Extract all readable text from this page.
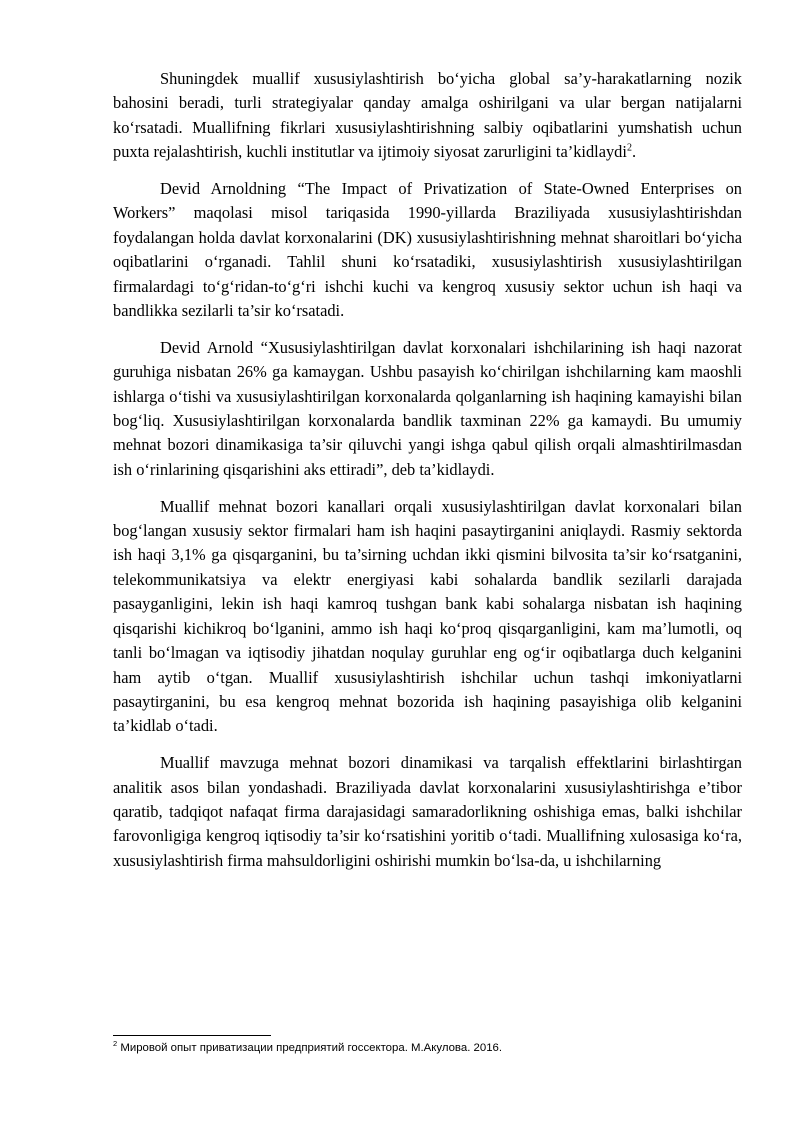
Shuningdek muallif xususiylashtirish bo‘yicha global sa’y-harakatlarning nozik bahosini beradi, turli strategiyalar qanday amalga oshirilgani va ular bergan natijalarni ko‘rsatadi. Muallifning fikrlari xususiylashtirishning salbiy oqibatlarini yumshatish uchun puxta rejalashtirish, kuchli institutlar va ijtimoiy siyosat zarurligini ta’kidlaydi$^2$.

Devid Arnoldning “The Impact of Privatization of State-Owned Enterprises on Workers” maqolasi misol tariqasida 1990-yillarda Braziliyada xususiylashtirishdan foydalangan holda davlat korxonalarini (DK) xususiylashtirishning mehnat sharoitlari bo‘yicha oqibatlarini o‘rganadi. Tahlil shuni ko‘rsatadiki, xususiylashtirish xususiylashtirilgan firmalardagi to‘g‘ridan-to‘g‘ri ishchi kuchi va kengroq xususiy sektor uchun ish haqi va bandlikka sezilarli ta’sir ko‘rsatadi.

Devid Arnold “Xususiylashtirilgan davlat korxonalari ishchilarining ish haqi nazorat guruhiga nisbatan 26% ga kamaygan. Ushbu pasayish ko‘chirilgan ishchilarning kam maoshli ishlarga o‘tishi va xususiylashtirilgan korxonalarda qolganlarning ish haqining kamayishi bilan bog‘liq. Xususiylashtirilgan korxonalarda bandlik taxminan 22% ga kamaydi. Bu umumiy mehnat bozori dinamikasiga ta’sir qiluvchi yangi ishga qabul qilish orqali almashtirilmasdan ish o‘rinlarining qisqarishini aks ettiradi”, deb ta’kidlaydi.

Muallif mehnat bozori kanallari orqali xususiylashtirilgan davlat korxonalari bilan bog‘langan xususiy sektor firmalari ham ish haqini pasaytirganini aniqlaydi. Rasmiy sektorda ish haqi 3,1% ga qisqarganini, bu ta’sirning uchdan ikki qismini bilvosita ta’sir ko‘rsatganini, telekommunikatsiya va elektr energiyasi kabi sohalarda bandlik sezilarli darajada pasayganligini, lekin ish haqi kamroq tushgan bank kabi sohalarga nisbatan ish haqining qisqarishi kichikroq bo‘lganini, ammo ish haqi ko‘proq qisqarganligini, kam ma’lumotli, oq tanli bo‘lmagan va iqtisodiy jihatdan noqulay guruhlar eng og‘ir oqibatlarga duch kelganini ham aytib o‘tgan. Muallif xususiylashtirish ishchilar uchun tashqi imkoniyatlarni pasaytirganini, bu esa kengroq mehnat bozorida ish haqining pasayishiga olib kelganini ta’kidlab o‘tadi.

Muallif mavzuga mehnat bozori dinamikasi va tarqalish effektlarini birlashtirgan analitik asos bilan yondashadi. Braziliyada davlat korxonalarini xususiylashtirishga e’tibor qaratib, tadqiqot nafaqat firma darajasidagi samaradorlikning oshishiga emas, balki ishchilar farovonligiga kengroq iqtisodiy ta’sir ko‘rsatishini yoritib o‘tadi. Muallifning xulosasiga ko‘ra, xususiylashtirish firma mahsuldorligini oshirishi mumkin bo‘lsa-da, u ishchilarning

$^2$ Мировой опыт приватизации предприятий госсектора. М.Акулова. 2016.
